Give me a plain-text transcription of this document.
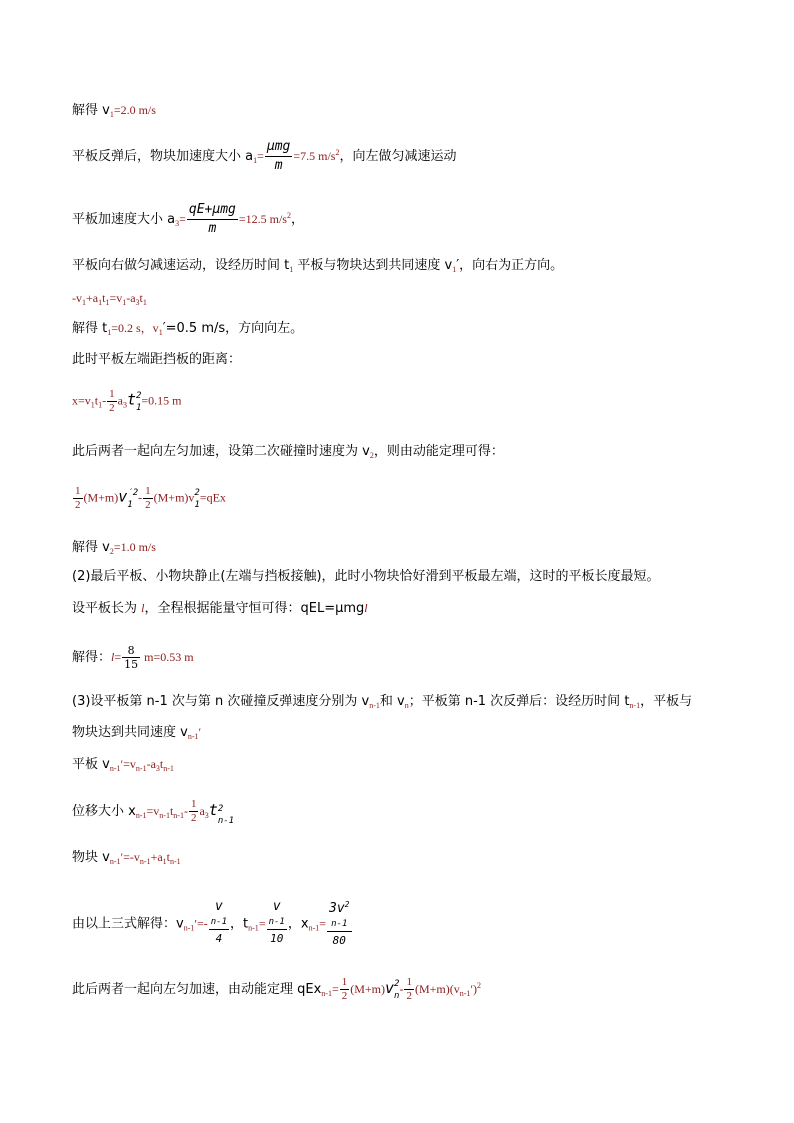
解得 $v_1=2.0$ m/s
平板反弹后，物块加速度大小 $a_1= \frac{\text{μmg}}{m} =7.5$ $m/s^2$，向左做匀减速运动
平板加速度大小 $a_3= \frac{\text{qE+μmg}}{m} =12.5$ $m/s^2$，
平板向右做匀减速运动，设经历时间 $t_1$ 平板与物块达到共同速度 $v_1'$，向右为正方向。
$-v_1+a_1t_1=v_1-a_3t_1$
解得 $t_1=0.2$ s，$v_1'=0.5$ m/s，方向向左。
此时平板左端距挡板的距离：
$x=v_1t_1- \frac{1}{2} a_3t$ 2
1
=0.15 m
此后两者一起向左匀加速，设第二次碰撞时速度为 $v_2$，则由动能定理可得：
$\frac{1}{2} (M+m)v$ ′2
1
- $\frac{1}{2} (M+m)v$ 2
1
=qEx
解得 $v_2=1.0$ m/s
(2)最后平板、小物块静止(左端与挡板接触)，此时小物块恰好滑到平板最左端，这时的平板长度最短。
设平板长为 l，全程根据能量守恒可得：qEL=μmgl
解得：$l= \frac{8}{15} m=0.53$ m
(3)设平板第 n-1 次与第 n 次碰撞反弹速度分别为 $v_{n-1}$和 $v_n$；平板第 n-1 次反弹后：设经历时间 $t_{n-1}$，平板与
物块达到共同速度 $v_{n-1}'$
平板 $v_{n-1}'=v_{n-1}-a_3t_{n-1}$
位移大小 $x_{n-1}=v_{n-1}t_{n-1}- \frac{1}{2} a_3t$ 2
n-1
物块 $v_{n-1}'=-v_{n-1}+a_1t_{n-1}$
由以上三式解得：$v_{n-1}'=-$
v
n-1
4
，$t_{n-1}=$
v
n-1
10
，$x_{n-1}=$
$3v^2$
n-1
80
此后两者一起向左匀加速，由动能定理 $qEx_{n-1}= \frac{1}{2} (M+m)v$ 2
$n - \frac{1}{2} (M+m)(v_{n-1}')^2$
